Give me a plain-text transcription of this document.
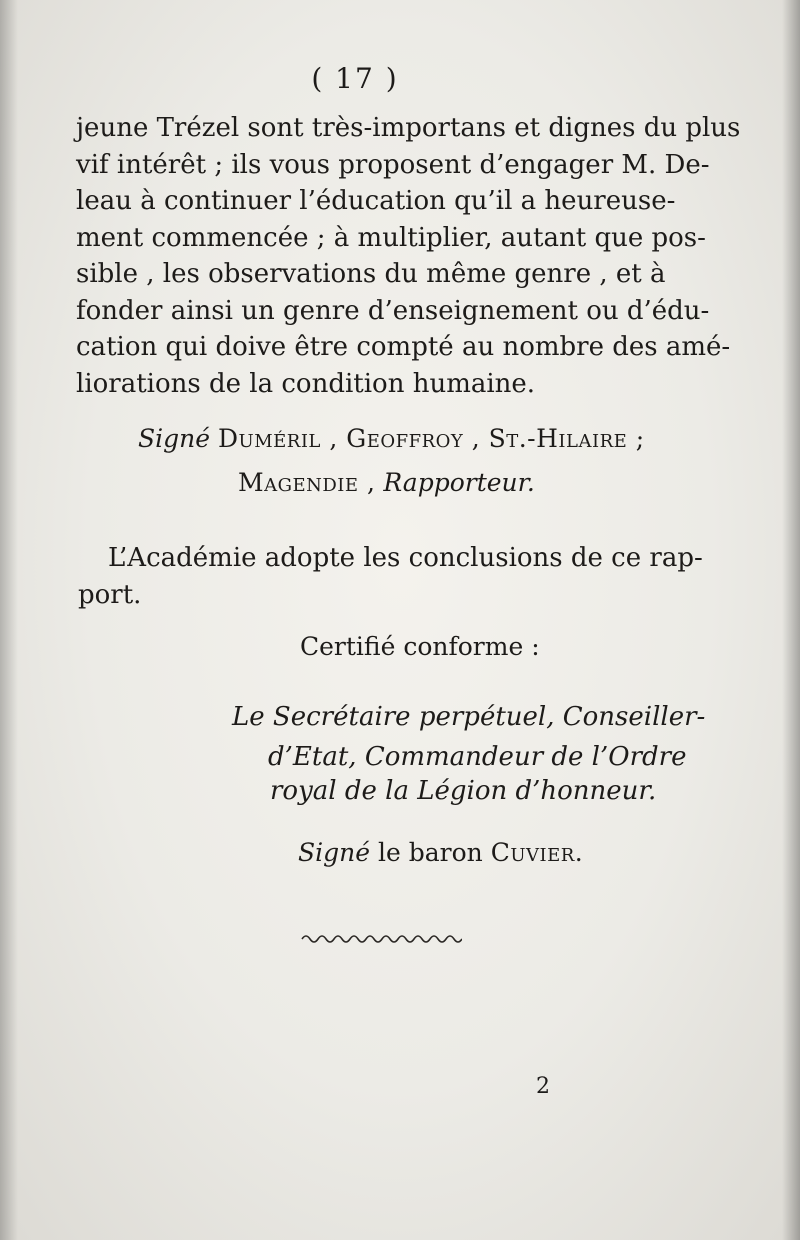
( 17 )
jeune Trézel sont très-importans et dignes du plus
vif intérêt ; ils vous proposent d’engager M. De-
leau à continuer l’éducation qu’il a heureuse-
ment commencée ; à multiplier, autant que pos-
sible , les observations du même genre , et à
fonder ainsi un genre d’enseignement ou d’édu-
cation qui doive être compté au nombre des amé-
liorations de la condition humaine.
Signé Duméril , Geoffroy , St.-Hilaire ;
Magendie , Rapporteur.
L’Académie adopte les conclusions de ce rap-
port.
Certifié conforme :
Le Secrétaire perpétuel, Conseiller-
d’Etat, Commandeur de l’Ordre
royal de la Légion d’honneur.
Signé le baron Cuvier.
2
